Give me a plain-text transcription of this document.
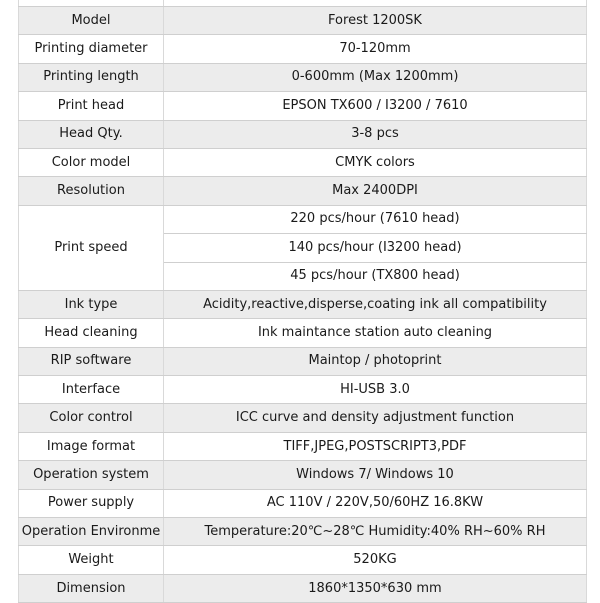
Model	Forest 1200SK
Printing diameter	70-120mm
Printing length	0-600mm (Max 1200mm)
Print head	EPSON TX600 / I3200 / 7610
Head Qty.	3-8 pcs
Color model	CMYK colors
Resolution	Max 2400DPI
Print speed	220 pcs/hour (7610 head)
	140 pcs/hour (I3200 head)
	45 pcs/hour (TX800 head)
Ink type	Acidity,reactive,disperse,coating ink all compatibility
Head cleaning	Ink maintance station auto cleaning
RIP software	Maintop / photoprint
Interface	HI-USB 3.0
Color control	ICC curve and density adjustment function
Image format	TIFF,JPEG,POSTSCRIPT3,PDF
Operation system	Windows 7/ Windows 10
Power supply	AC 110V / 220V,50/60HZ 16.8KW
Operation Environme	Temperature:20℃~28℃ Humidity:40% RH~60% RH
Weight	520KG
Dimension	1860*1350*630 mm
